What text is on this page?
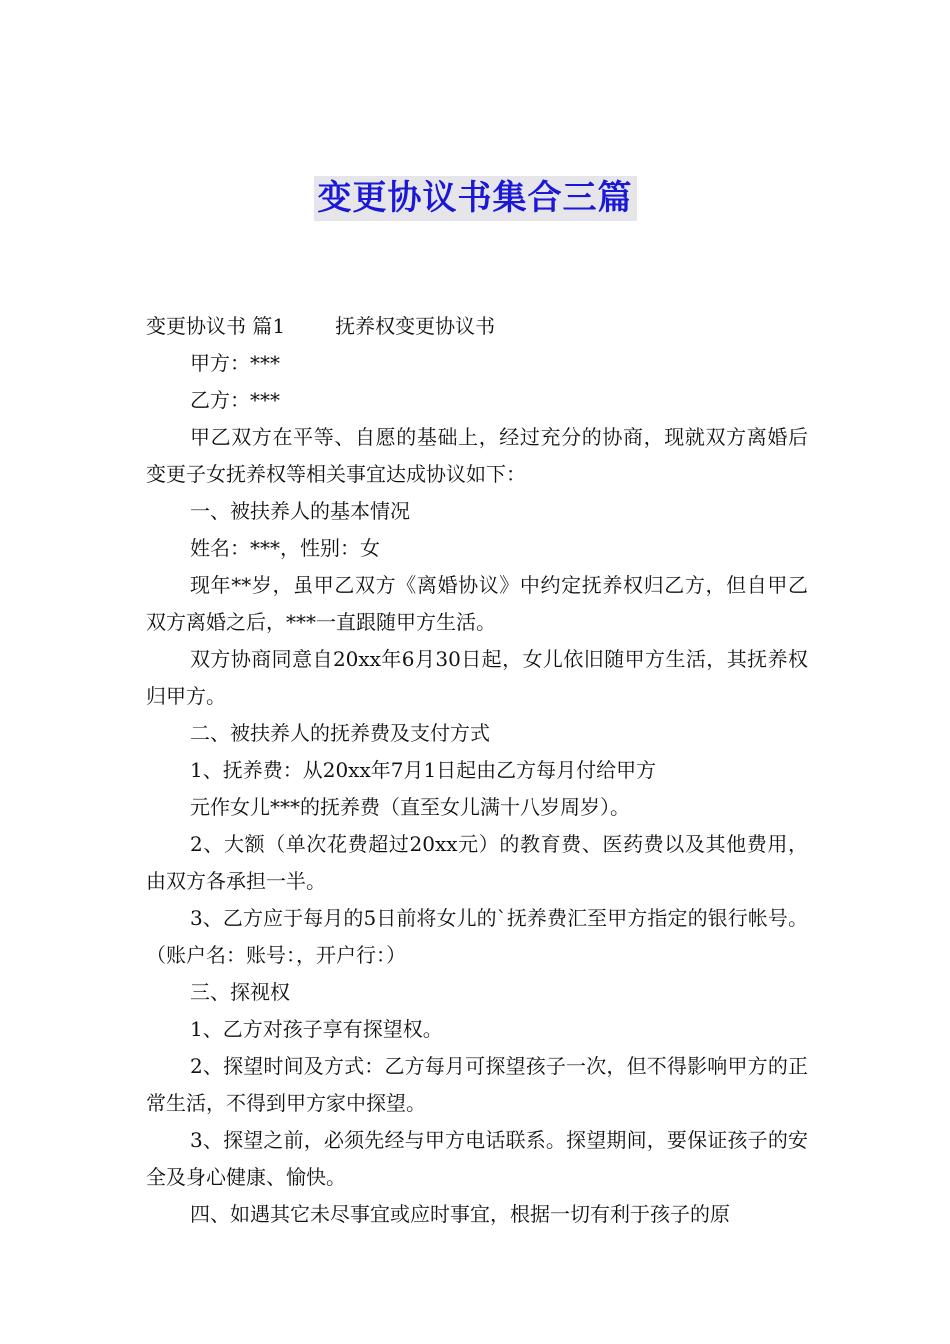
变更协议书集合三篇

变更协议书 篇1	抚养权变更协议书

甲方：***

乙方：***

甲乙双方在平等、自愿的基础上，经过充分的协商，现就双方离婚后变更子女抚养权等相关事宜达成协议如下：

一、被扶养人的基本情况

姓名：***，性别：女

现年**岁，虽甲乙双方《离婚协议》中约定抚养权归乙方，但自甲乙双方离婚之后，***一直跟随甲方生活。

双方协商同意自20xx年6月30日起，女儿依旧随甲方生活，其抚养权归甲方。

二、被扶养人的抚养费及支付方式

1、抚养费：从20xx年7月1日起由乙方每月付给甲方

元作女儿***的抚养费（直至女儿满十八岁周岁）。

2、大额（单次花费超过20xx元）的教育费、医药费以及其他费用，由双方各承担一半。

3、乙方应于每月的5日前将女儿的`抚养费汇至甲方指定的银行帐号。（账户名：账号：，开户行：）

三、探视权

1、乙方对孩子享有探望权。

2、探望时间及方式：乙方每月可探望孩子一次，但不得影响甲方的正常生活，不得到甲方家中探望。

3、探望之前，必须先经与甲方电话联系。探望期间，要保证孩子的安全及身心健康、愉快。

四、如遇其它未尽事宜或应时事宜，根据一切有利于孩子的原
